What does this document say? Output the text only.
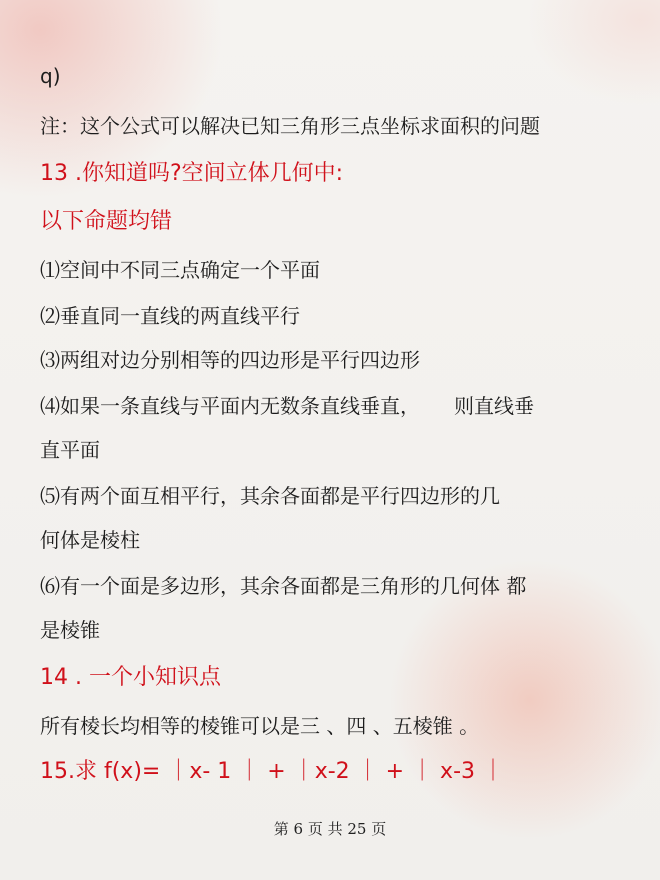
q)
注：这个公式可以解决已知三角形三点坐标求面积的问题
13 .你知道吗?空间立体几何中:
以下命题均错
⑴空间中不同三点确定一个平面
⑵垂直同一直线的两直线平行
⑶两组对边分别相等的四边形是平行四边形
⑷如果一条直线与平面内无数条直线垂直， 则直线垂
直平面
⑸有两个面互相平行，其余各面都是平行四边形的几
何体是棱柱
⑹有一个面是多边形，其余各面都是三角形的几何体 都
是棱锥
14 . 一个小知识点
所有棱长均相等的棱锥可以是三 、四 、五棱锥 。
15.求 f(x)= ｜x- 1 ｜ + ｜x-2 ｜ + ｜ x-3 ｜
第 6 页 共 25 页
